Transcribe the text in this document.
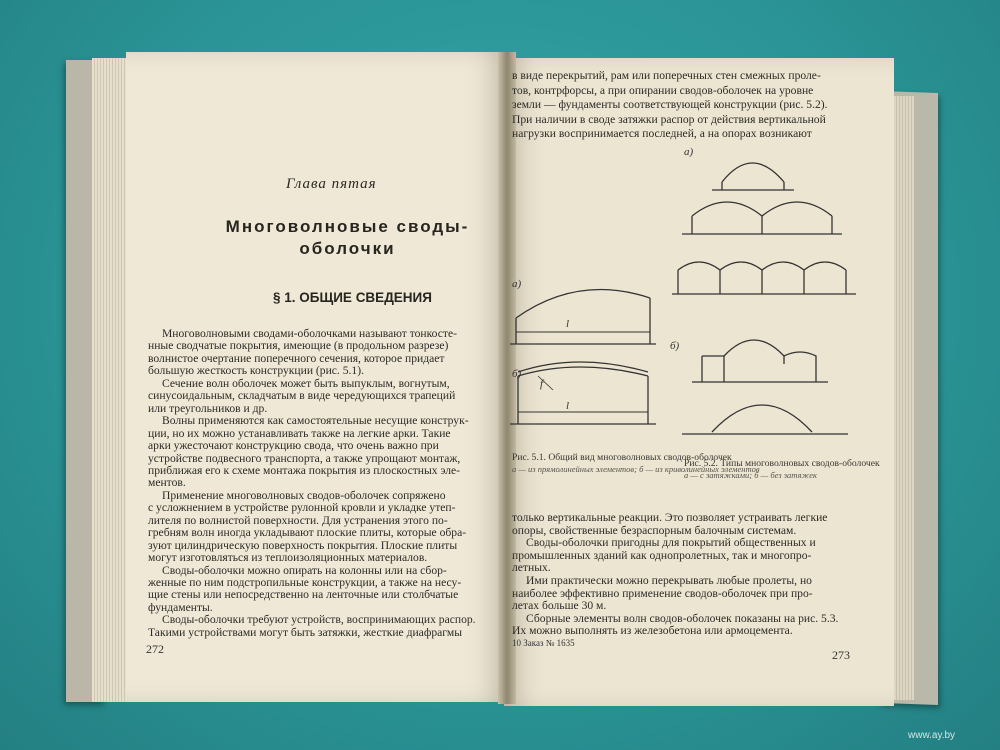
Глава пятая
Многоволновые своды-оболочки
§ 1. ОБЩИЕ СВЕДЕНИЯ
Многоволновыми сводами-оболочками называют тонкосте-
нные сводчатые покрытия, имеющие (в продольном разрезе)
волнистое очертание поперечного сечения, которое придает
большую жесткость конструкции (рис. 5.1).
Сечение волн оболочек может быть выпуклым, вогнутым,
синусоидальным, складчатым в виде чередующихся трапеций
или треугольников и др.
Волны применяются как самостоятельные несущие конструк-
ции, но их можно устанавливать также на легкие арки. Такие
арки ужесточают конструкцию свода, что очень важно при
устройстве подвесного транспорта, а также упрощают монтаж,
приближая его к схеме монтажа покрытия из плоскостных эле-
ментов.
Применение многоволновых сводов-оболочек сопряжено
с усложнением в устройстве рулонной кровли и укладке утеп-
лителя по волнистой поверхности. Для устранения этого по-
гребням волн иногда укладывают плоские плиты, которые обра-
зуют цилиндрическую поверхность покрытия. Плоские плиты
могут изготовляться из теплоизоляционных материалов.
Своды-оболочки можно опирать на колонны или на сбор-
женные по ним подстропильные конструкции, а также на несу-
щие стены или непосредственно на ленточные или столбчатые
фундаменты.
Своды-оболочки требуют устройств, воспринимающих распор.
Такими устройствами могут быть затяжки, жесткие диафрагмы
272
в виде перекрытий, рам или поперечных стен смежных проле-
тов, контрфорсы, а при опирании сводов-оболочек на уровне
земли — фундаменты соответствующей конструкции (рис. 5.2).
При наличии в своде затяжки распор от действия вертикальной
нагрузки воспринимается последней, а на опорах возникают
а)
l
б)
l
f
а)
б)
Рис. 5.1. Общий вид многоволновых сводов-оболочек
а — из прямолинейных элементов; б — из криволинейных элементов
Рис. 5.2. Типы многоволновых сводов-оболочек
а — с затяжками; б — без затяжек
только вертикальные реакции. Это позволяет устраивать легкие
опоры, свойственные безраспорным балочным системам.
Своды-оболочки пригодны для покрытий общественных и
промышленных зданий как однопролетных, так и многопро-
летных.
Ими практически можно перекрывать любые пролеты, но
наиболее эффективно применение сводов-оболочек при про-
летах больше 30 м.
Сборные элементы волн сводов-оболочек показаны на рис. 5.3.
Их можно выполнять из железобетона или армоцемента.
10 Заказ № 1635
273
www.ay.by
